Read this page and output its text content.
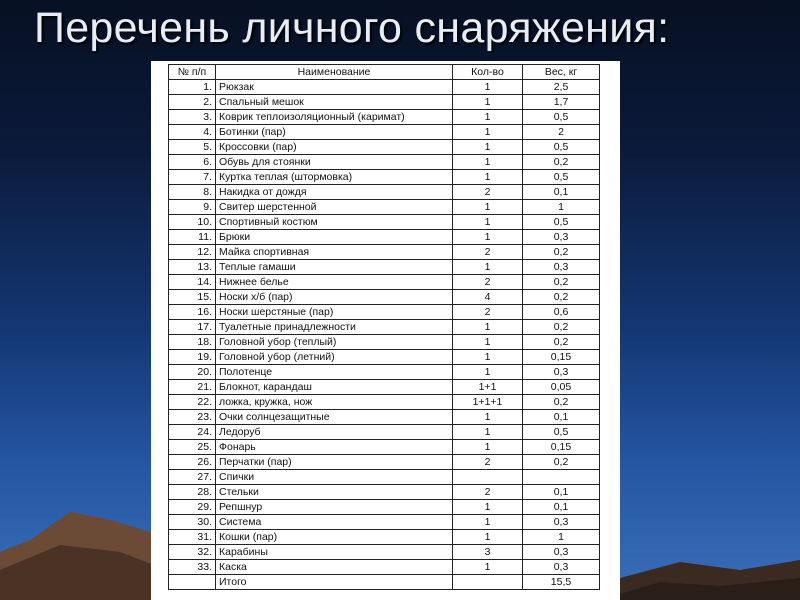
Перечень личного снаряжения:
№ п/п	Наименование	Кол-во	Вес, кг
1.	Рюкзак	1	2,5
2.	Спальный мешок	1	1,7
3.	Коврик теплоизоляционный (каримат)	1	0,5
4.	Ботинки (пар)	1	2
5.	Кроссовки (пар)	1	0,5
6.	Обувь для стоянки	1	0,2
7.	Куртка теплая (штормовка)	1	0,5
8.	Накидка от дождя	2	0,1
9.	Свитер шерстенной	1	1
10.	Спортивный костюм	1	0,5
11.	Брюки	1	0,3
12.	Майка спортивная	2	0,2
13.	Теплые гамаши	1	0,3
14.	Нижнее белье	2	0,2
15.	Носки х/б (пар)	4	0,2
16.	Носки шерстяные (пар)	2	0,6
17.	Туалетные принадлежности	1	0,2
18.	Головной убор (теплый)	1	0,2
19.	Головной убор (летний)	1	0,15
20.	Полотенце	1	0,3
21.	Блокнот, карандаш	1+1	0,05
22.	ложка, кружка, нож	1+1+1	0,2
23.	Очки солнцезащитные	1	0,1
24.	Ледоруб	1	0,5
25.	Фонарь	1	0,15
26.	Перчатки (пар)	2	0,2
27.	Спички		
28.	Стельки	2	0,1
29.	Репшнур	1	0,1
30.	Система	1	0,3
31.	Кошки (пар)	1	1
32.	Карабины	3	0,3
33.	Каска	1	0,3
	Итого		15,5
